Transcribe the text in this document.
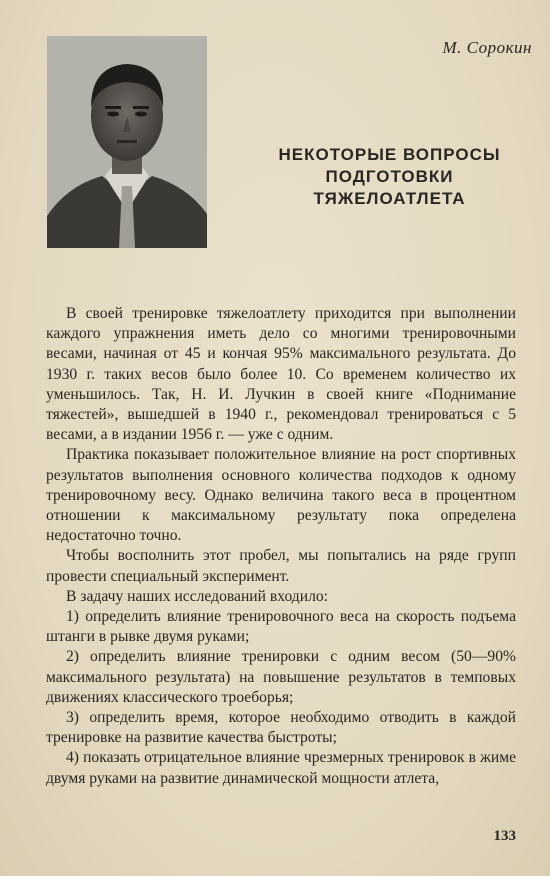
М. Сорокин
НЕКОТОРЫЕ ВОПРОСЫ
ПОДГОТОВКИ
ТЯЖЕЛОАТЛЕТА

В своей тренировке тяжелоатлету приходится при выполнении каждого упражнения иметь дело со многими тренировочными весами, начиная от 45 и кончая 95% максимального результата. До 1930 г. таких весов было более 10. Со временем количество их уменьшилось. Так, Н. И. Лучкин в своей книге «Поднимание тяжестей», вышедшей в 1940 г., рекомендовал тренироваться с 5 весами, а в издании 1956 г. — уже с одним.

Практика показывает положительное влияние на рост спортивных результатов выполнения основного количества подходов к одному тренировочному весу. Однако величина такого веса в процентном отношении к максимальному результату пока определена недостаточно точно.

Чтобы восполнить этот пробел, мы попытались на ряде групп провести специальный эксперимент.

В задачу наших исследований входило:

1) определить влияние тренировочного веса на скорость подъема штанги в рывке двумя руками;

2) определить влияние тренировки с одним весом (50—90% максимального результата) на повышение результатов в темповых движениях классического троеборья;

3) определить время, которое необходимо отводить в каждой тренировке на развитие качества быстроты;

4) показать отрицательное влияние чрезмерных тренировок в жиме двумя руками на развитие динамической мощности атлета,

133
